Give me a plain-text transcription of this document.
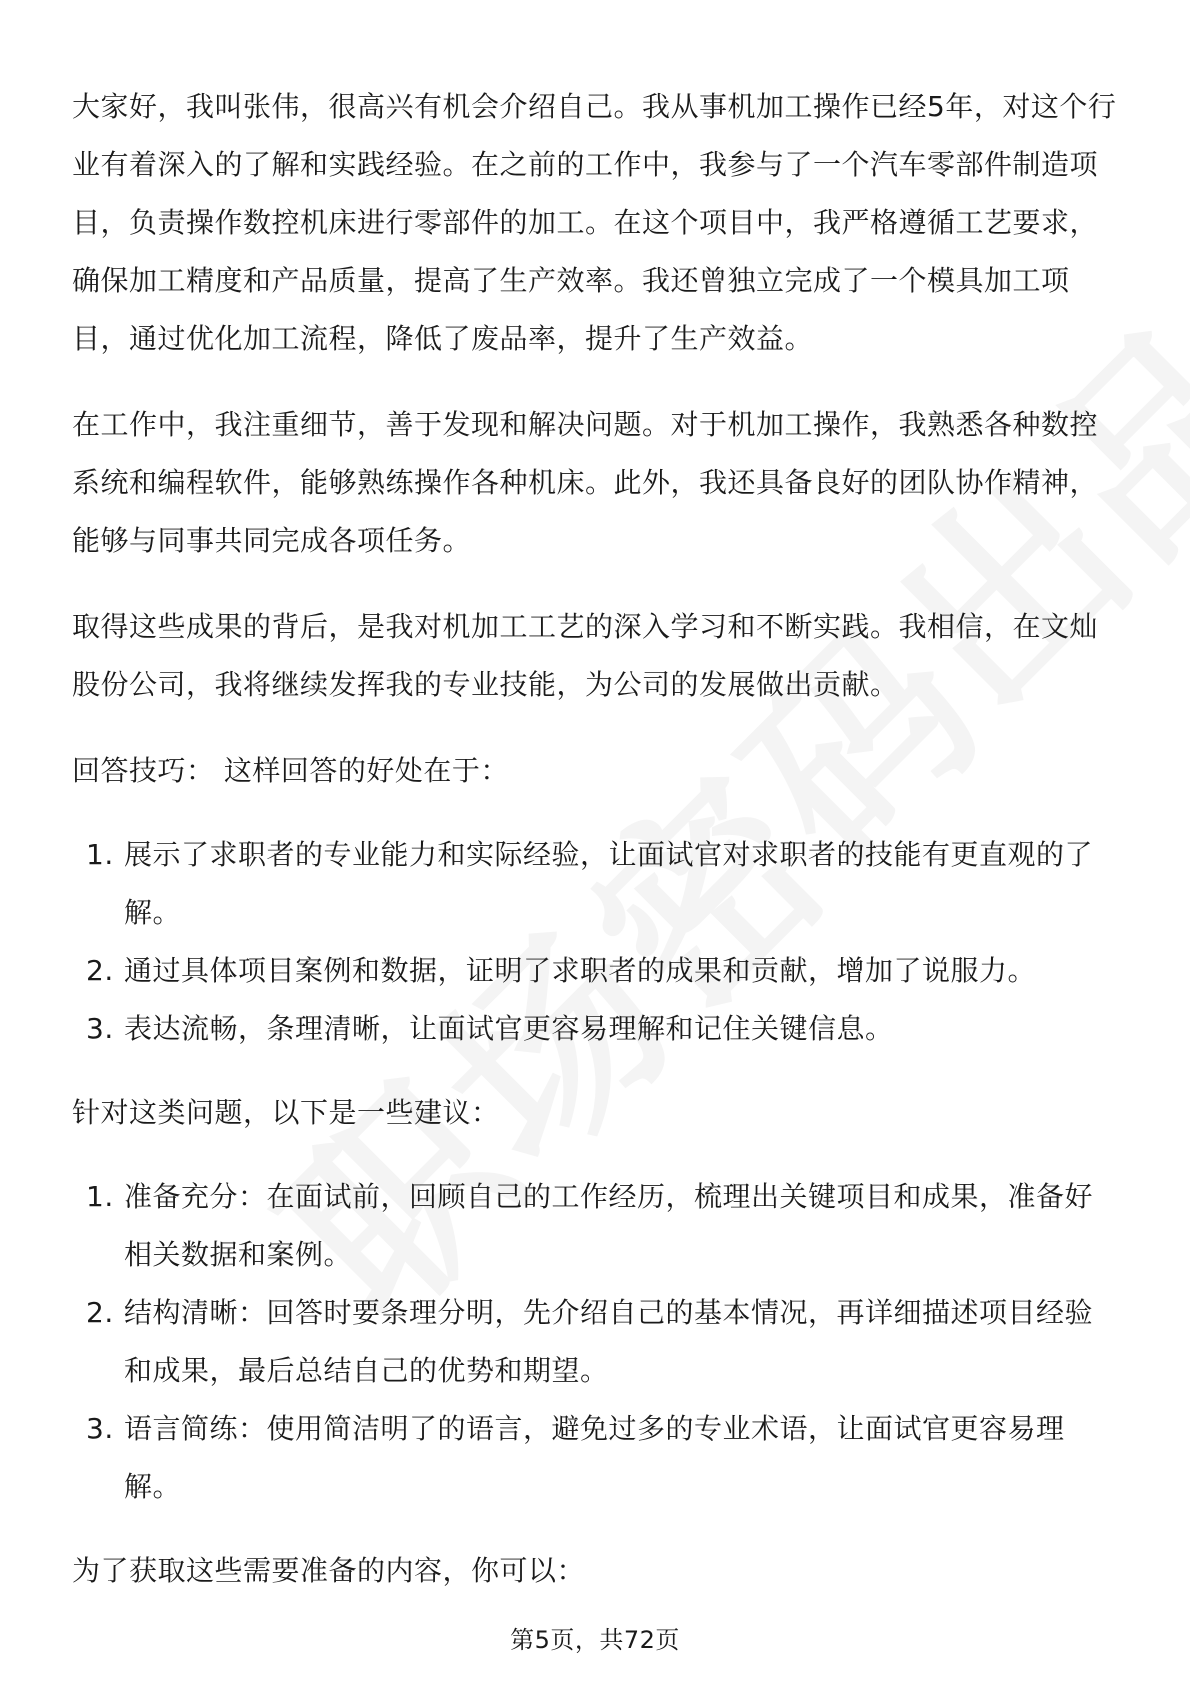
大家好，我叫张伟，很高兴有机会介绍自己。我从事机加工操作已经5年，对这个行业有着深入的了解和实践经验。在之前的工作中，我参与了一个汽车零部件制造项目，负责操作数控机床进行零部件的加工。在这个项目中，我严格遵循工艺要求，确保加工精度和产品质量，提高了生产效率。我还曾独立完成了一个模具加工项目，通过优化加工流程，降低了废品率，提升了生产效益。

在工作中，我注重细节，善于发现和解决问题。对于机加工操作，我熟悉各种数控系统和编程软件，能够熟练操作各种机床。此外，我还具备良好的团队协作精神，能够与同事共同完成各项任务。

取得这些成果的背后，是我对机加工工艺的深入学习和不断实践。我相信，在文灿股份公司，我将继续发挥我的专业技能，为公司的发展做出贡献。

回答技巧： 这样回答的好处在于：

1. 展示了求职者的专业能力和实际经验，让面试官对求职者的技能有更直观的了解。
2. 通过具体项目案例和数据，证明了求职者的成果和贡献，增加了说服力。
3. 表达流畅，条理清晰，让面试官更容易理解和记住关键信息。

针对这类问题，以下是一些建议：

1. 准备充分：在面试前，回顾自己的工作经历，梳理出关键项目和成果，准备好相关数据和案例。
2. 结构清晰：回答时要条理分明，先介绍自己的基本情况，再详细描述项目经验和成果，最后总结自己的优势和期望。
3. 语言简练：使用简洁明了的语言，避免过多的专业术语，让面试官更容易理解。

为了获取这些需要准备的内容，你可以：

第5页，共72页
